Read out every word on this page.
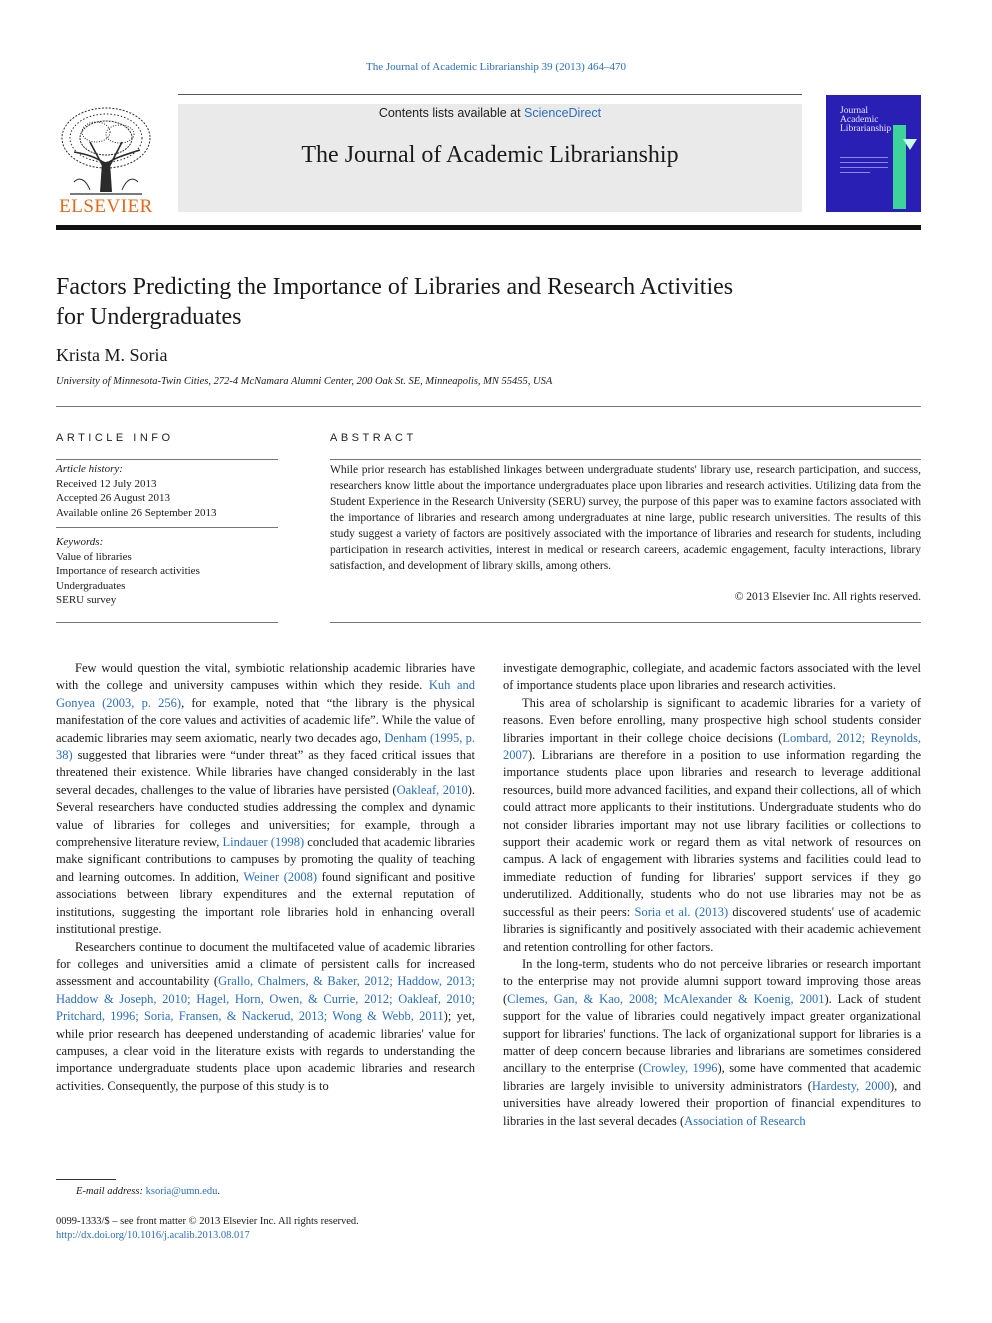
The Journal of Academic Librarianship 39 (2013) 464–470
ELSEVIER
Contents lists available at ScienceDirect
The Journal of Academic Librarianship
Journal
Academic
Librarianship
Factors Predicting the Importance of Libraries and Research Activities
for Undergraduates
Krista M. Soria
University of Minnesota-Twin Cities, 272-4 McNamara Alumni Center, 200 Oak St. SE, Minneapolis, MN 55455, USA
ARTICLE INFO
Article history:
Received 12 July 2013
Accepted 26 August 2013
Available online 26 September 2013
Keywords:
Value of libraries
Importance of research activities
Undergraduates
SERU survey
ABSTRACT
While prior research has established linkages between undergraduate students' library use, research participation, and success, researchers know little about the importance undergraduates place upon libraries and research activities. Utilizing data from the Student Experience in the Research University (SERU) survey, the purpose of this paper was to examine factors associated with the importance of libraries and research among undergraduates at nine large, public research universities. The results of this study suggest a variety of factors are positively associated with the importance of libraries and research for students, including participation in research activities, interest in medical or research careers, academic engagement, faculty interactions, library satisfaction, and development of library skills, among others.
© 2013 Elsevier Inc. All rights reserved.

Few would question the vital, symbiotic relationship academic libraries have with the college and university campuses within which they reside. Kuh and Gonyea (2003, p. 256), for example, noted that “the library is the physical manifestation of the core values and activities of academic life”. While the value of academic libraries may seem axiomatic, nearly two decades ago, Denham (1995, p. 38) suggested that libraries were “under threat” as they faced critical issues that threatened their existence. While libraries have changed considerably in the last several decades, challenges to the value of libraries have persisted (Oakleaf, 2010). Several researchers have conducted studies addressing the complex and dynamic value of libraries for colleges and universities; for example, through a comprehensive literature review, Lindauer (1998) concluded that academic libraries make significant contributions to campuses by promoting the quality of teaching and learning outcomes. In addition, Weiner (2008) found significant and positive associations between library expenditures and the external reputation of institutions, suggesting the important role libraries hold in enhancing overall institutional prestige.

Researchers continue to document the multifaceted value of academic libraries for colleges and universities amid a climate of persistent calls for increased assessment and accountability (Grallo, Chalmers, & Baker, 2012; Haddow, 2013; Haddow & Joseph, 2010; Hagel, Horn, Owen, & Currie, 2012; Oakleaf, 2010; Pritchard, 1996; Soria, Fransen, & Nackerud, 2013; Wong & Webb, 2011); yet, while prior research has deepened understanding of academic libraries' value for campuses, a clear void in the literature exists with regards to understanding the importance undergraduate students place upon academic libraries and research activities. Consequently, the purpose of this study is to

investigate demographic, collegiate, and academic factors associated with the level of importance students place upon libraries and research activities.

This area of scholarship is significant to academic libraries for a variety of reasons. Even before enrolling, many prospective high school students consider libraries important in their college choice decisions (Lombard, 2012; Reynolds, 2007). Librarians are therefore in a position to use information regarding the importance students place upon libraries and research to leverage additional resources, build more advanced facilities, and expand their collections, all of which could attract more applicants to their institutions. Undergraduate students who do not consider libraries important may not use library facilities or collections to support their academic work or regard them as vital network of resources on campus. A lack of engagement with libraries systems and facilities could lead to immediate reduction of funding for libraries' support services if they go underutilized. Additionally, students who do not use libraries may not be as successful as their peers: Soria et al. (2013) discovered students' use of academic libraries is significantly and positively associated with their academic achievement and retention controlling for other factors.

In the long-term, students who do not perceive libraries or research important to the enterprise may not provide alumni support toward improving those areas (Clemes, Gan, & Kao, 2008; McAlexander & Koenig, 2001). Lack of student support for the value of libraries could negatively impact greater organizational support for libraries' functions. The lack of organizational support for libraries is a matter of deep concern because libraries and librarians are sometimes considered ancillary to the enterprise (Crowley, 1996), some have commented that academic libraries are largely invisible to university administrators (Hardesty, 2000), and universities have already lowered their proportion of financial expenditures to libraries in the last several decades (Association of Research

E-mail address: ksoria@umn.edu.
0099-1333/$ – see front matter © 2013 Elsevier Inc. All rights reserved.
http://dx.doi.org/10.1016/j.acalib.2013.08.017
